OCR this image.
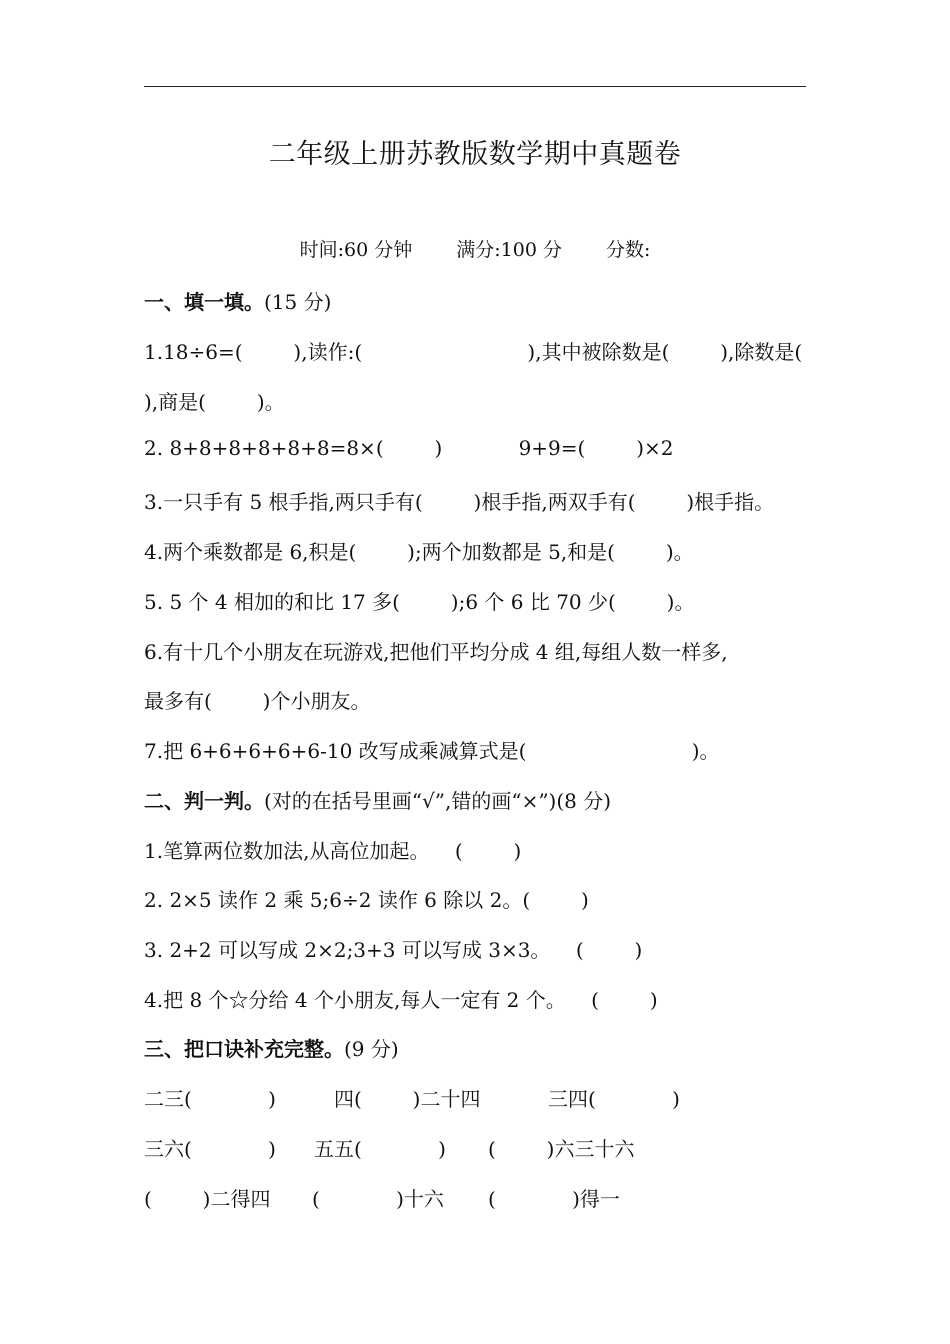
二年级上册苏教版数学期中真题卷
时间:60 分钟 满分:100 分 分数:
一、填一填。(15 分)
1.18÷6=(        ),读作:(                          ),其中被除数是(        ),除数是(
),商是(        )。
2. 8+8+8+8+8+8=8×(        )            9+9=(        )×2
3.一只手有 5 根手指,两只手有(        )根手指,两双手有(        )根手指。
4.两个乘数都是 6,积是(        );两个加数都是 5,和是(        )。
5. 5 个 4 相加的和比 17 多(        );6 个 6 比 70 少(        )。
6.有十几个小朋友在玩游戏,把他们平均分成 4 组,每组人数一样多,
最多有(        )个小朋友。
7.把 6+6+6+6+6-10 改写成乘减算式是(                          )。
二、判一判。(对的在括号里画“√”,错的画“×”)(8 分)
1.笔算两位数加法,从高位加起。    (        )
2. 2×5 读作 2 乘 5;6÷2 读作 6 除以 2。(        )
3. 2+2 可以写成 2×2;3+3 可以写成 3×3。    (        )
4.把 8 个☆分给 4 个小朋友,每人一定有 2 个。    (        )
三、把口诀补充完整。(9 分)

二三(            )

	四(        )二十四

	三四(            )

三六(            )

五五(            )

(        )六三十六

(        )二得四

(            )十六

(            )得一
